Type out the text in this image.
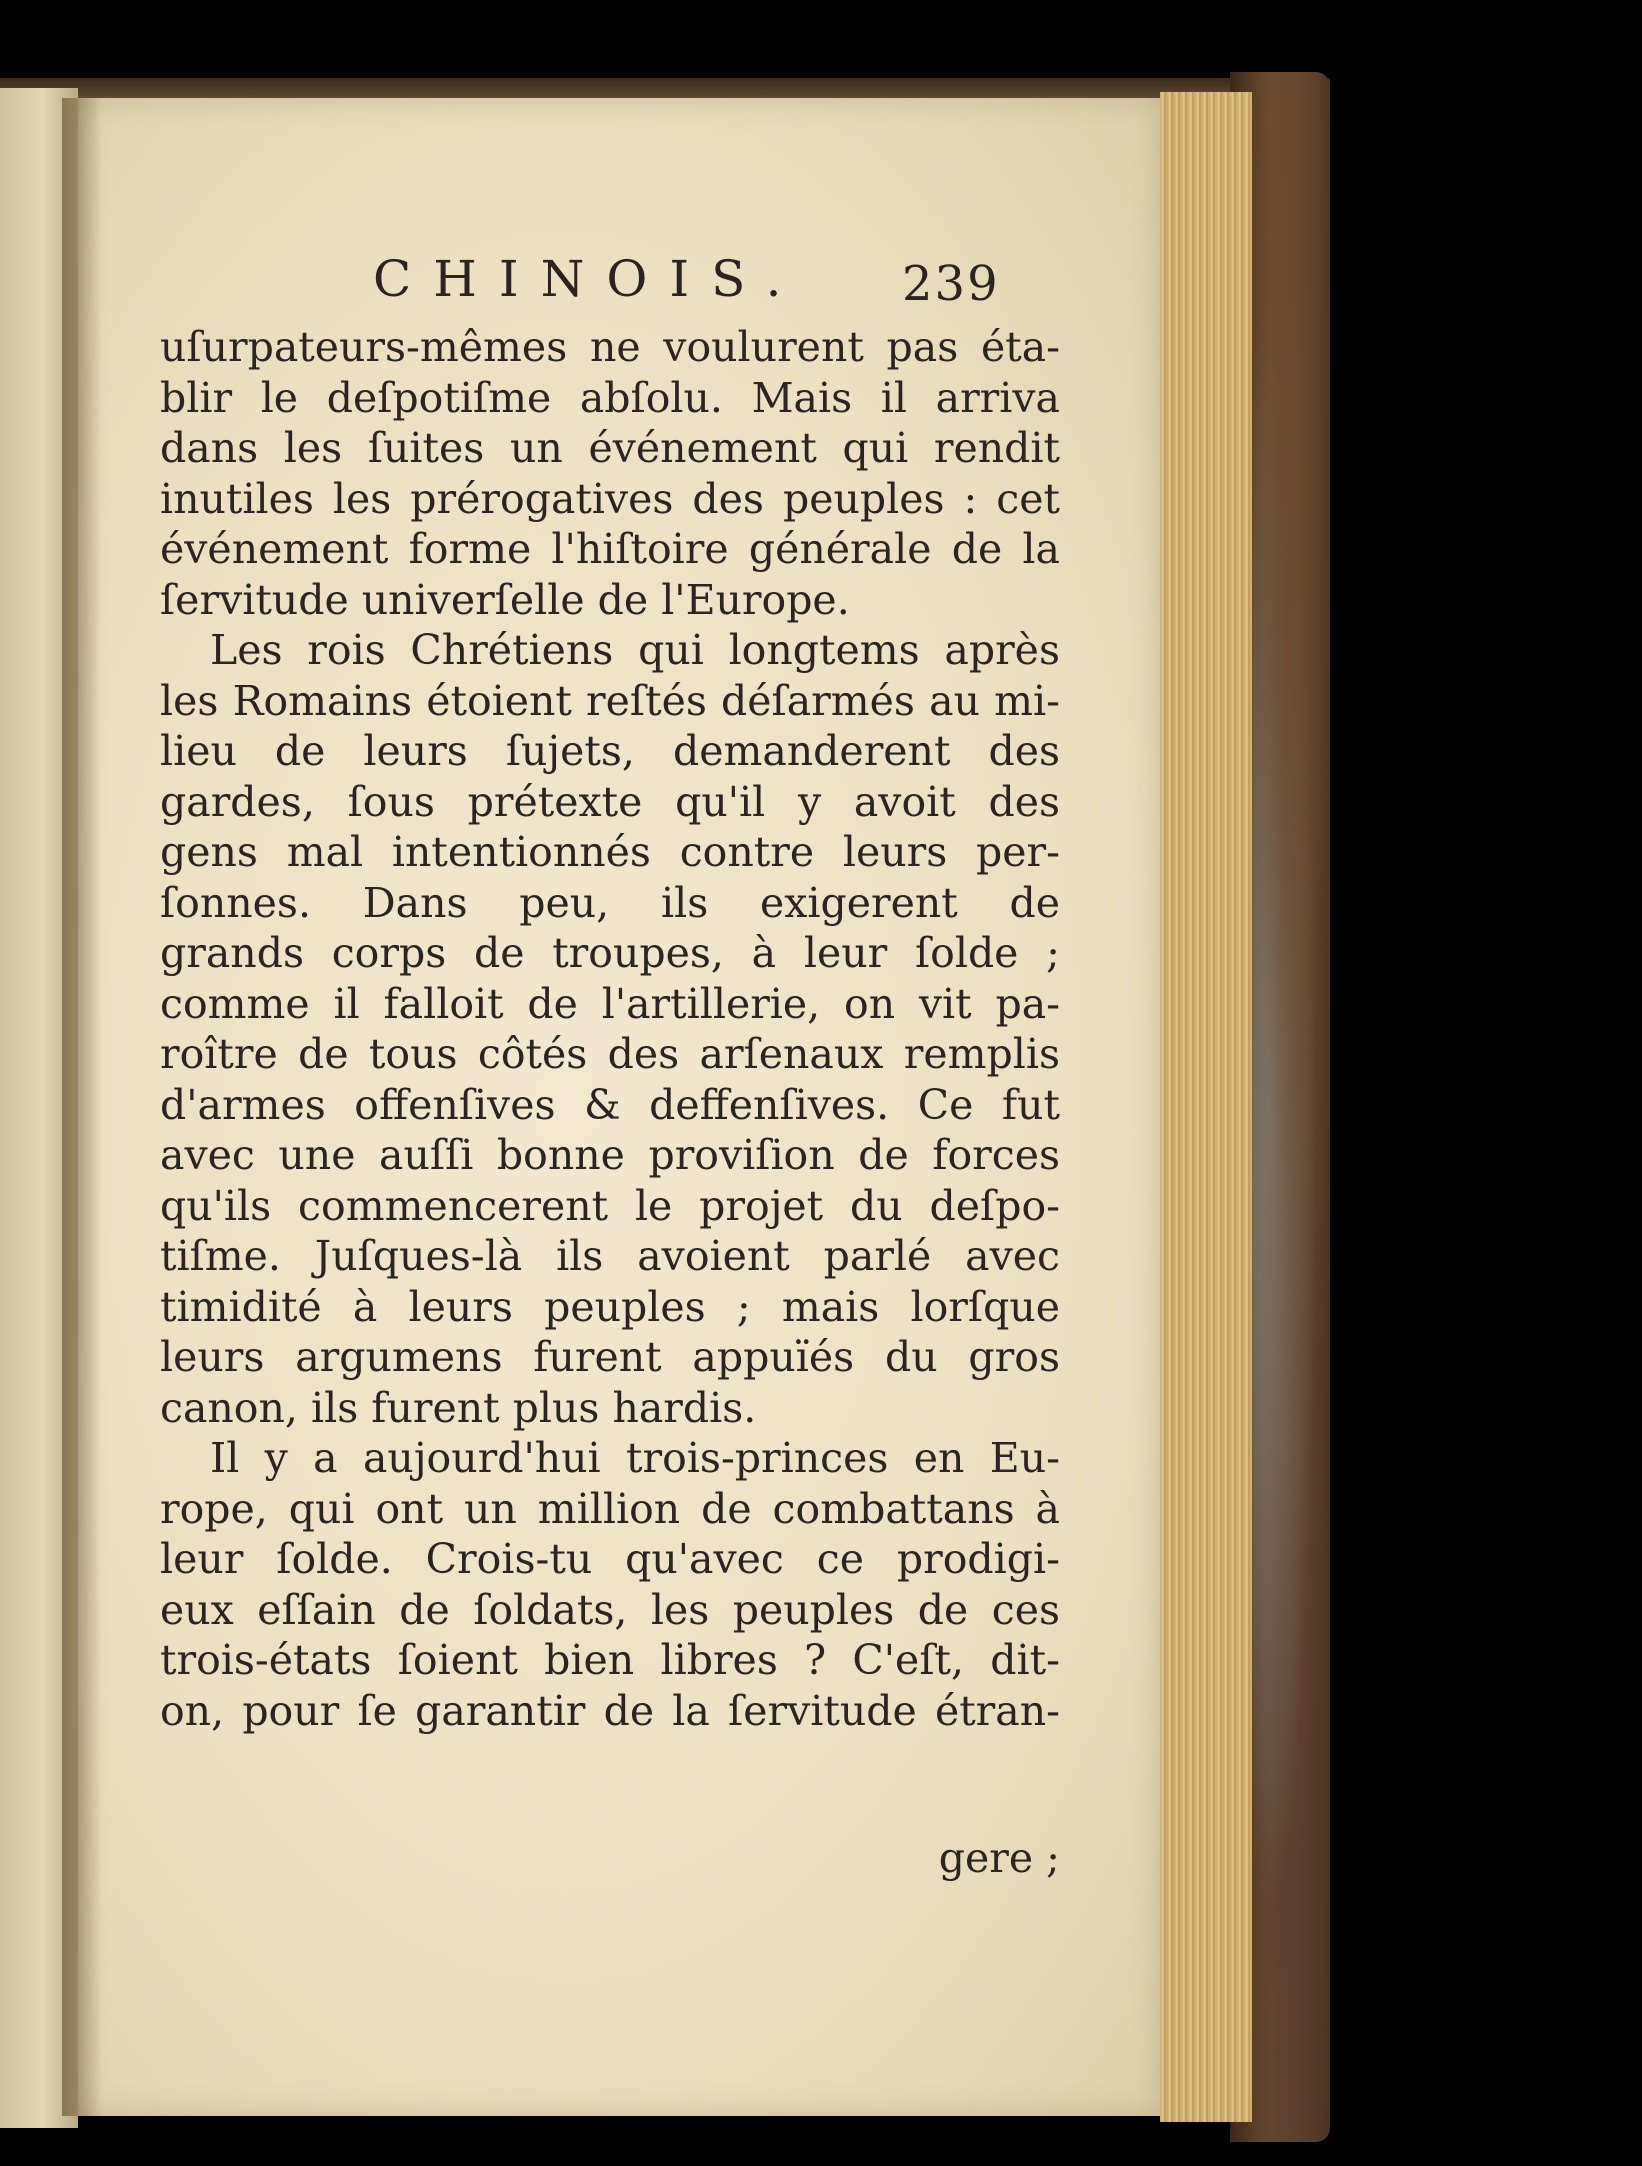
CHINOIS. 239
uſurpateurs-mêmes ne voulurent pas éta-
blir le deſpotiſme abſolu. Mais il arriva
dans les ſuites un événement qui rendit
inutiles les prérogatives des peuples : cet
événement forme l'hiſtoire générale de la
ſervitude univerſelle de l'Europe.
Les rois Chrétiens qui longtems après
les Romains étoient reſtés déſarmés au mi-
lieu de leurs ſujets, demanderent des
gardes, ſous prétexte qu'il y avoit des
gens mal intentionnés contre leurs per-
ſonnes. Dans peu, ils exigerent de
grands corps de troupes, à leur ſolde ;
comme il falloit de l'artillerie, on vit pa-
roître de tous côtés des arſenaux remplis
d'armes offenſives & deffenſives. Ce fut
avec une auſſi bonne proviſion de forces
qu'ils commencerent le projet du deſpo-
tiſme. Juſques-là ils avoient parlé avec
timidité à leurs peuples ; mais lorſque
leurs argumens furent appuïés du gros
canon, ils furent plus hardis.
Il y a aujourd'hui trois-princes en Eu-
rope, qui ont un million de combattans à
leur ſolde. Crois-tu qu'avec ce prodigi-
eux eſſain de ſoldats, les peuples de ces
trois-états ſoient bien libres ? C'eſt, dit-
on, pour ſe garantir de la ſervitude étran-
gere ;
